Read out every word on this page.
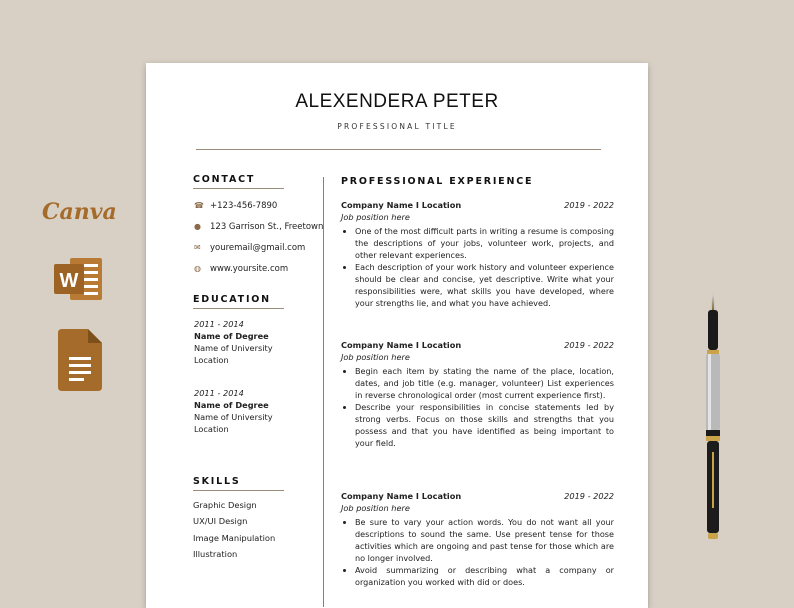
Canva
W
ALEXENDERA PETER
PROFESSIONAL TITLE
CONTACT
☎ +123-456-7890
● 123 Garrison St., Freetown
✉ youremail@gmail.com
◍ www.yoursite.com
EDUCATION
2011 - 2014
Name of Degree
Name of University
Location
2011 - 2014
Name of Degree
Name of University
Location
SKILLS
Graphic Design
UX/UI Design
Image Manipulation
Illustration
PROFESSIONAL EXPERIENCE
Company Name I Location	2019 - 2022
Job position here
• One of the most difficult parts in writing a resume is composing the descriptions of your jobs, volunteer work, projects, and other relevant experiences.
• Each description of your work history and volunteer experience should be clear and concise, yet descriptive. Write what your responsibilities were, what skills you have developed, where your strengths lie, and what you have achieved.
Company Name I Location	2019 - 2022
Job position here
• Begin each item by stating the name of the place, location, dates, and job title (e.g. manager, volunteer) List experiences in reverse chronological order (most current experience first).
• Describe your responsibilities in concise statements led by strong verbs. Focus on those skills and strengths that you possess and that you have identified as being important to your field.
Company Name I Location	2019 - 2022
Job position here
• Be sure to vary your action words. You do not want all your descriptions to sound the same. Use present tense for those activities which are ongoing and past tense for those which are no longer involved.
• Avoid summarizing or describing what a company or organization you worked with did or does.
